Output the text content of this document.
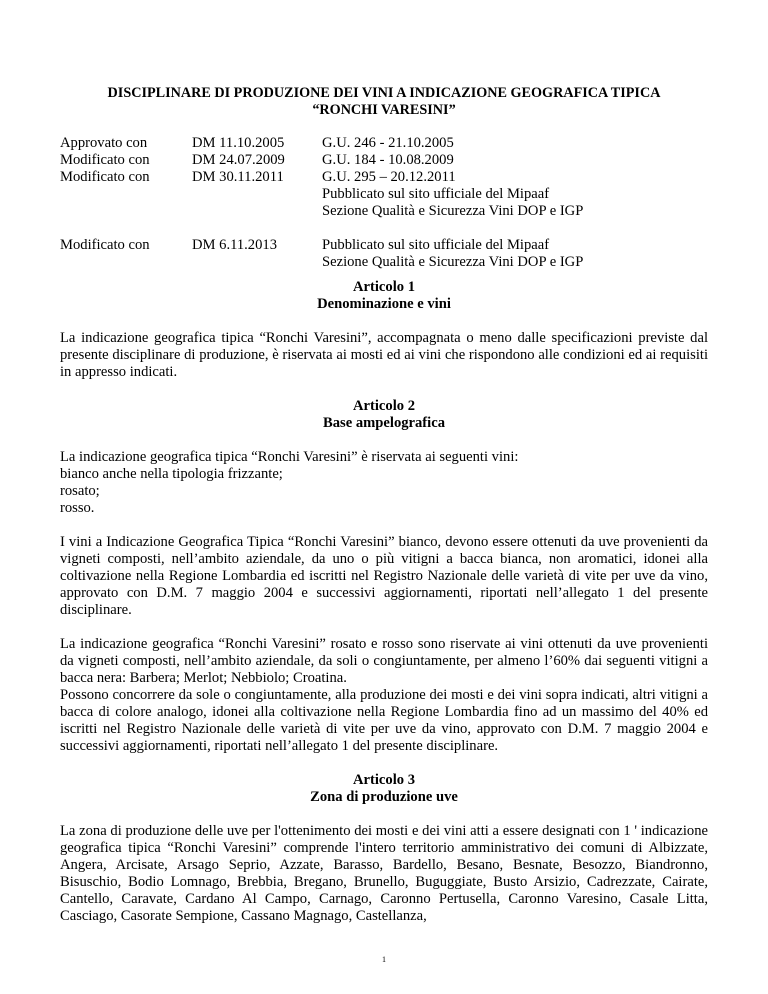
DISCIPLINARE DI PRODUZIONE DEI VINI A INDICAZIONE GEOGRAFICA TIPICA
“RONCHI VARESINI”
Approvato con	DM 11.10.2005	G.U. 246 - 21.10.2005
Modificato con	DM 24.07.2009	G.U. 184 - 10.08.2009
Modificato con	DM 30.11.2011	G.U. 295 – 20.12.2011
Pubblicato sul sito ufficiale del Mipaaf
Sezione Qualità e Sicurezza Vini DOP e IGP
Modificato con	DM 6.11.2013	Pubblicato sul sito ufficiale del Mipaaf
Sezione Qualità e Sicurezza Vini DOP e IGP
Articolo 1
Denominazione e vini

La indicazione geografica tipica “Ronchi Varesini”, accompagnata o meno dalle specificazioni previste dal presente disciplinare di produzione, è riservata ai mosti ed ai vini che rispondono alle condizioni ed ai requisiti in appresso indicati.

Articolo 2
Base ampelografica
La indicazione geografica tipica “Ronchi Varesini” è riservata ai seguenti vini:
bianco anche nella tipologia frizzante;
rosato;
rosso.

I vini a Indicazione Geografica Tipica “Ronchi Varesini” bianco, devono essere ottenuti da uve provenienti da vigneti composti, nell’ambito aziendale, da uno o più vitigni a bacca bianca, non aromatici, idonei alla coltivazione nella Regione Lombardia ed iscritti nel Registro Nazionale delle varietà di vite per uve da vino, approvato con D.M. 7 maggio 2004 e successivi aggiornamenti, riportati nell’allegato 1 del presente disciplinare.

La indicazione geografica “Ronchi Varesini” rosato e rosso sono riservate ai vini ottenuti da uve provenienti da vigneti composti, nell’ambito aziendale, da soli o congiuntamente, per almeno l’60% dai seguenti vitigni a bacca nera: Barbera; Merlot; Nebbiolo; Croatina.

Possono concorrere da sole o congiuntamente, alla produzione dei mosti e dei vini sopra indicati, altri vitigni a bacca di colore analogo, idonei alla coltivazione nella Regione Lombardia fino ad un massimo del 40% ed iscritti nel Registro Nazionale delle varietà di vite per uve da vino, approvato con D.M. 7 maggio 2004 e successivi aggiornamenti, riportati nell’allegato 1 del presente disciplinare.

Articolo 3
Zona di produzione uve

La zona di produzione delle uve per l'ottenimento dei mosti e dei vini atti a essere designati con 1 ' indicazione geografica tipica “Ronchi Varesini” comprende l'intero territorio amministrativo dei comuni di Albizzate, Angera, Arcisate, Arsago Seprio, Azzate, Barasso, Bardello, Besano, Besnate, Besozzo, Biandronno, Bisuschio, Bodio Lomnago, Brebbia, Bregano, Brunello, Buguggiate, Busto Arsizio, Cadrezzate, Cairate, Cantello, Caravate, Cardano Al Campo, Carnago, Caronno Pertusella, Caronno Varesino, Casale Litta, Casciago, Casorate Sempione, Cassano Magnago, Castellanza,

1
